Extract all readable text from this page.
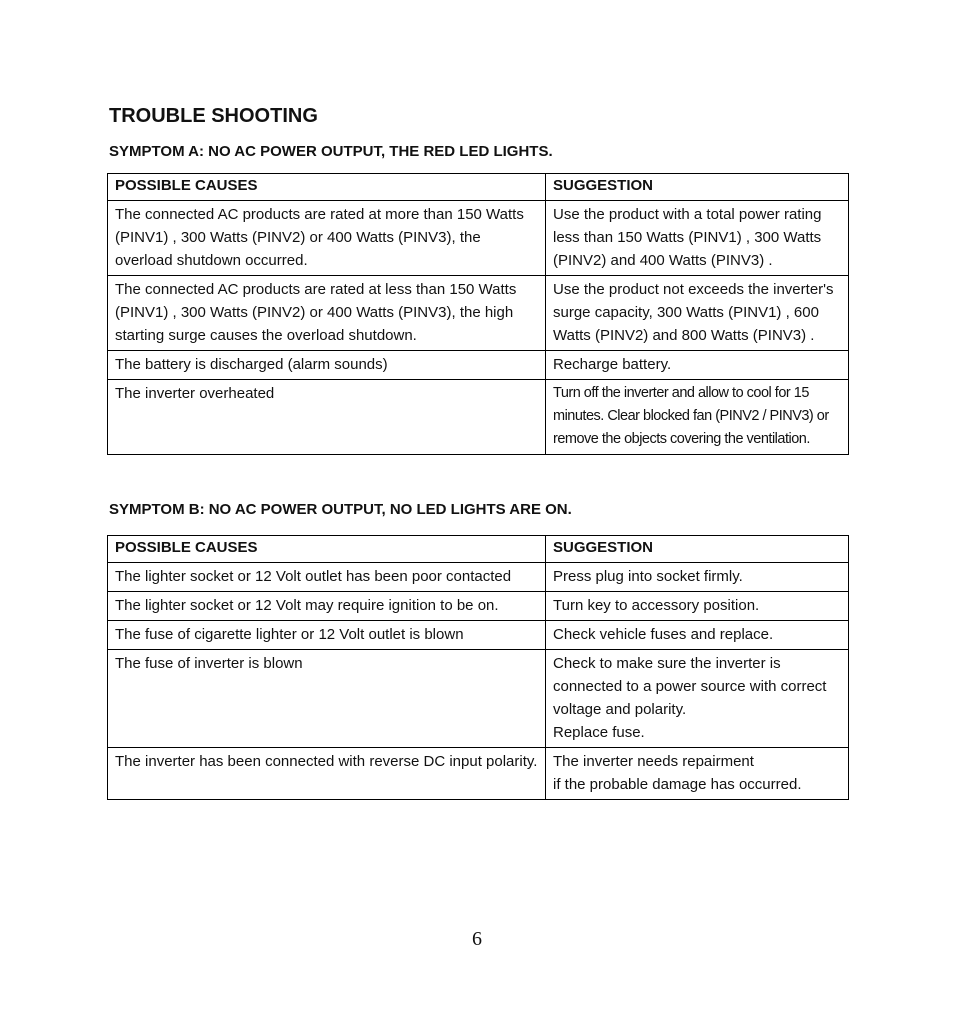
TROUBLE SHOOTING
SYMPTOM A: NO AC POWER OUTPUT, THE RED LED LIGHTS.
POSSIBLE CAUSES	SUGGESTION
The connected AC products are rated at more than 150 Watts (PINV1) , 300 Watts (PINV2) or 400 Watts (PINV3), the overload shutdown occurred.	Use the product with a total power rating less than 150 Watts (PINV1) , 300 Watts (PINV2) and 400 Watts (PINV3) .
The connected AC products are rated at less than 150 Watts (PINV1) , 300 Watts (PINV2) or 400 Watts (PINV3), the high starting surge causes the overload shutdown.	Use the product not exceeds the inverter's surge capacity, 300 Watts (PINV1) , 600 Watts (PINV2) and 800 Watts (PINV3) .
The battery is discharged (alarm sounds)	Recharge battery.
The inverter overheated	Turn off the inverter and allow to cool for 15 minutes. Clear blocked fan (PINV2 / PINV3) or remove the objects covering the ventilation.
SYMPTOM B: NO AC POWER OUTPUT, NO LED LIGHTS ARE ON.
POSSIBLE CAUSES	SUGGESTION
The lighter socket or 12 Volt outlet has been poor contacted	Press plug into socket firmly.
The lighter socket or 12 Volt may require ignition to be on.	Turn key to accessory position.
The fuse of cigarette lighter or 12 Volt outlet is blown	Check vehicle fuses and replace.
The fuse of inverter is blown	Check to make sure the inverter is connected to a power source with correct voltage and polarity.
Replace fuse.
The inverter has been connected with reverse DC input polarity.	The inverter needs repairment
if the probable damage has occurred.
6
